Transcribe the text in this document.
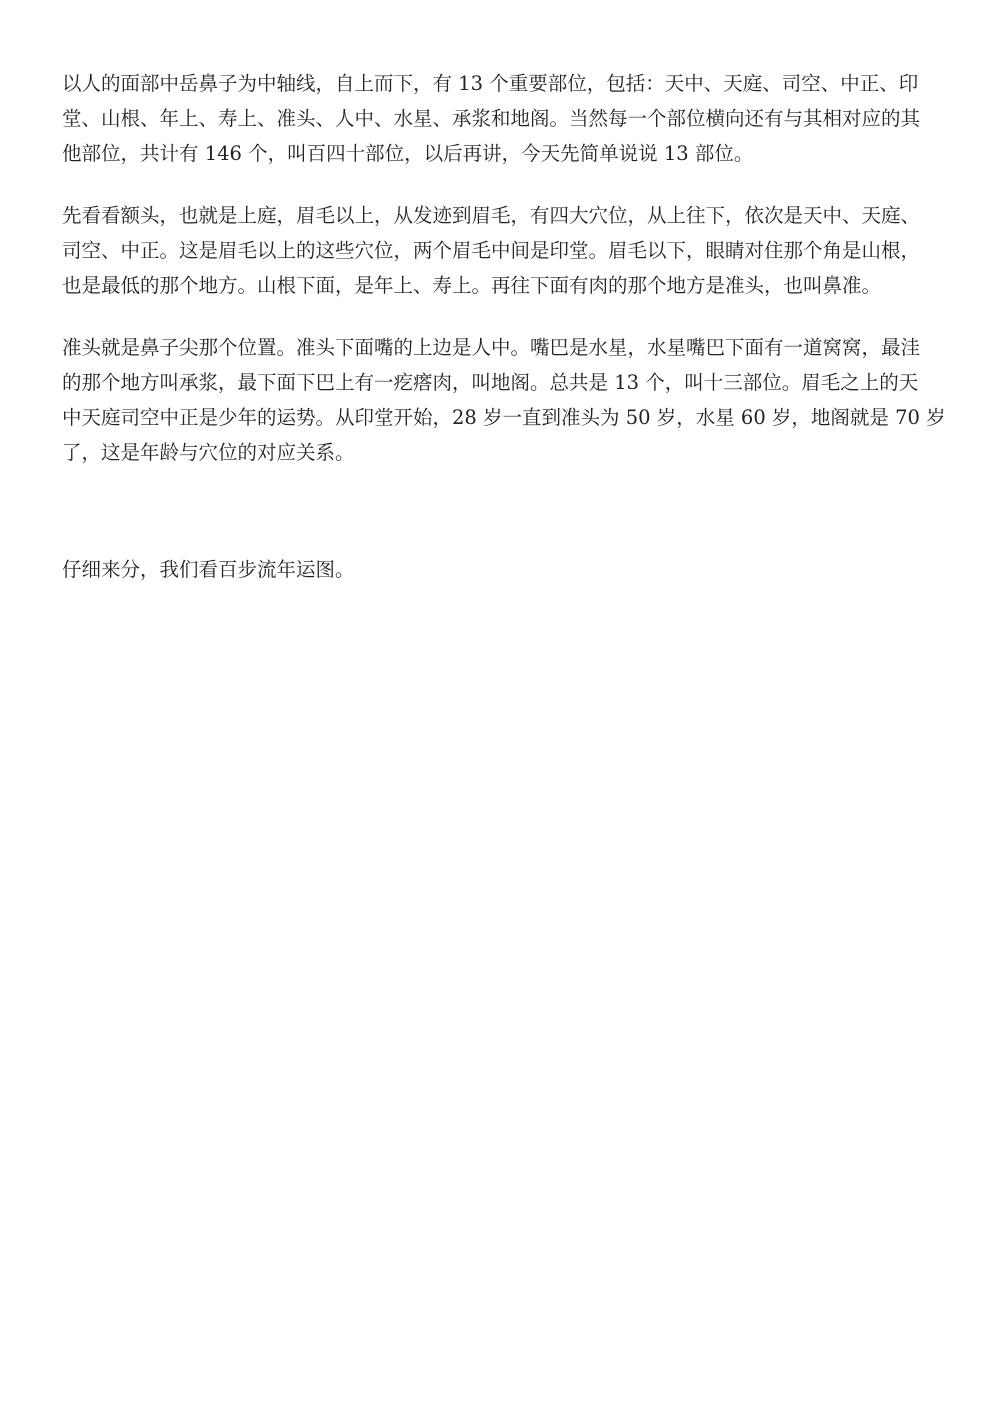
以人的面部中岳鼻子为中轴线，自上而下，有 13 个重要部位，包括：天中、天庭、司空、中正、印
堂、山根、年上、寿上、准头、人中、水星、承浆和地阁。当然每一个部位横向还有与其相对应的其
他部位，共计有 146 个，叫百四十部位，以后再讲，今天先简单说说 13 部位。
先看看额头，也就是上庭，眉毛以上，从发迹到眉毛，有四大穴位，从上往下，依次是天中、天庭、
司空、中正。这是眉毛以上的这些穴位，两个眉毛中间是印堂。眉毛以下，眼睛对住那个角是山根，
也是最低的那个地方。山根下面，是年上、寿上。再往下面有肉的那个地方是准头，也叫鼻准。
准头就是鼻子尖那个位置。准头下面嘴的上边是人中。嘴巴是水星，水星嘴巴下面有一道窝窝，最洼
的那个地方叫承浆，最下面下巴上有一疙瘩肉，叫地阁。总共是 13 个，叫十三部位。眉毛之上的天
中天庭司空中正是少年的运势。从印堂开始，28 岁一直到准头为 50 岁，水星 60 岁，地阁就是 70 岁
了，这是年龄与穴位的对应关系。
仔细来分，我们看百步流年运图。
